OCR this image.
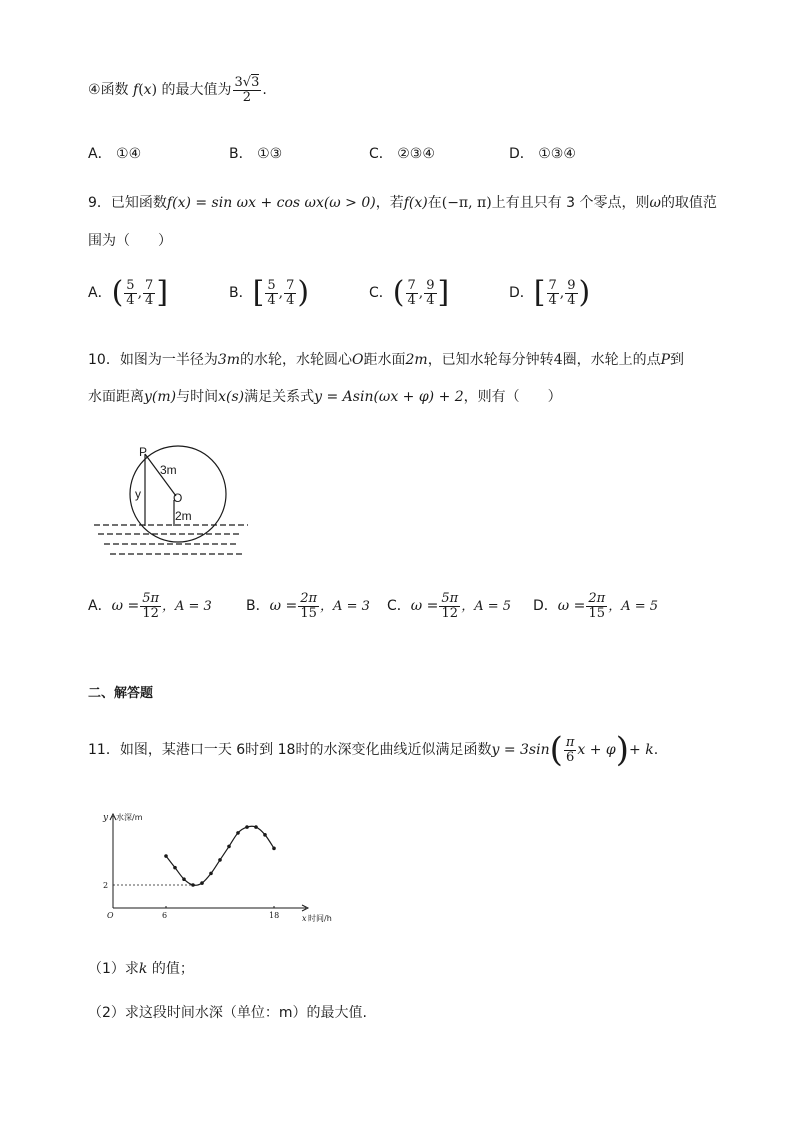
④函数 f(x) 的最大值为 $\frac{3√3}{2}$ .
A． ①④	B． ①③	C． ②③④	D． ①③④
9．已知函数f(x) = sin ωx + cos ωx(ω > 0)，若f(x)在(−π, π)上有且只有 3 个零点，则ω的取值范
围为（　　）
A．( $\frac{5}{4}$ , $\frac{7}{4}$ ]	B．[ $\frac{5}{4}$ , $\frac{7}{4}$ )	C．( $\frac{7}{4}$ , $\frac{9}{4}$ ]	D．[ $\frac{7}{4}$ , $\frac{9}{4}$ )
10．如图为一半径为3m的水轮，水轮圆心O距水面2m，已知水轮每分钟转4圈，水轮上的点P到
水面距离y(m)与时间x(s)满足关系式y = Asin(ωx + φ) + 2，则有（　　）
P
3m
y	O
2m
A．$\omega = \frac{5\pi}{12}$ ，A = 3 B．$\omega = \frac{2\pi}{15}$ ，A = 3 C．$\omega = \frac{5\pi}{12}$ ，A = 5 D．$\omega = \frac{2\pi}{15}$ ，A = 5
二、解答题
11．如图，某港口一天 6时到 18时的水深变化曲线近似满足函数$y = 3\sin( \frac{\pi}{6}$ x + φ)+ k.
y 水深/m
x 时间/h
O
2
6	18
（1）求k 的值；
（2）求这段时间水深（单位：m）的最大值.
